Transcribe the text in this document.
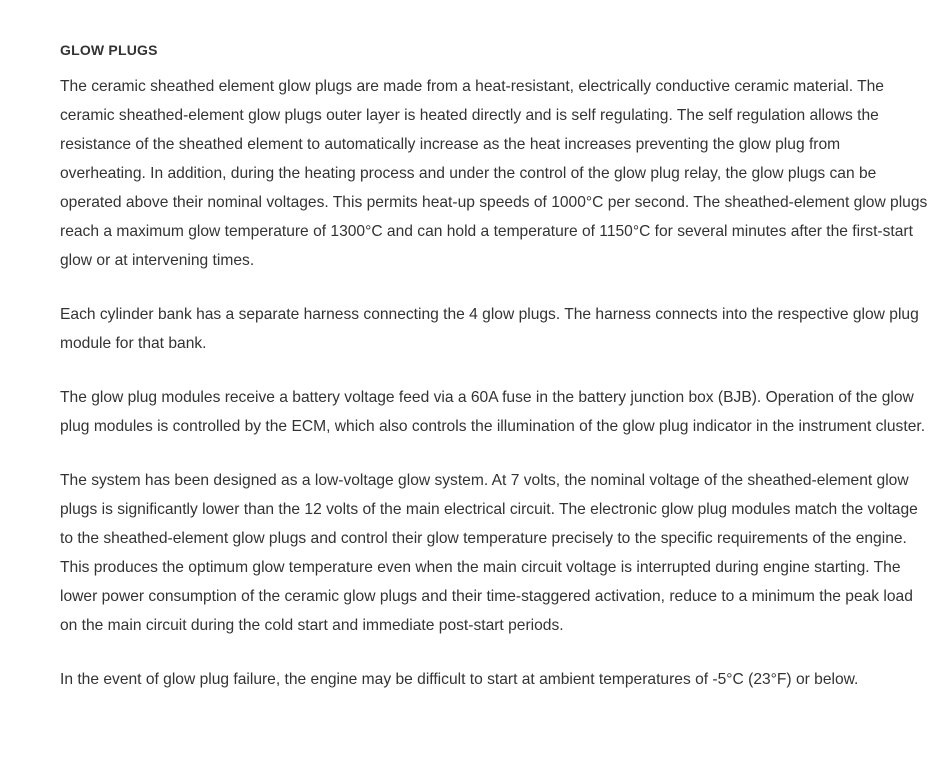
GLOW PLUGS

The ceramic sheathed element glow plugs are made from a heat-resistant, electrically conductive ceramic material. The ceramic sheathed-element glow plugs outer layer is heated directly and is self regulating. The self regulation allows the resistance of the sheathed element to automatically increase as the heat increases preventing the glow plug from overheating. In addition, during the heating process and under the control of the glow plug relay, the glow plugs can be operated above their nominal voltages. This permits heat-up speeds of 1000°C per second. The sheathed-element glow plugs reach a maximum glow temperature of 1300°C and can hold a temperature of 1150°C for several minutes after the first-start glow or at intervening times.

Each cylinder bank has a separate harness connecting the 4 glow plugs. The harness connects into the respective glow plug module for that bank.

The glow plug modules receive a battery voltage feed via a 60A fuse in the battery junction box (BJB). Operation of the glow plug modules is controlled by the ECM, which also controls the illumination of the glow plug indicator in the instrument cluster.

The system has been designed as a low-voltage glow system. At 7 volts, the nominal voltage of the sheathed-element glow plugs is significantly lower than the 12 volts of the main electrical circuit. The electronic glow plug modules match the voltage to the sheathed-element glow plugs and control their glow temperature precisely to the specific requirements of the engine. This produces the optimum glow temperature even when the main circuit voltage is interrupted during engine starting. The lower power consumption of the ceramic glow plugs and their time-staggered activation, reduce to a minimum the peak load on the main circuit during the cold start and immediate post-start periods.

In the event of glow plug failure, the engine may be difficult to start at ambient temperatures of -5°C (23°F) or below.
